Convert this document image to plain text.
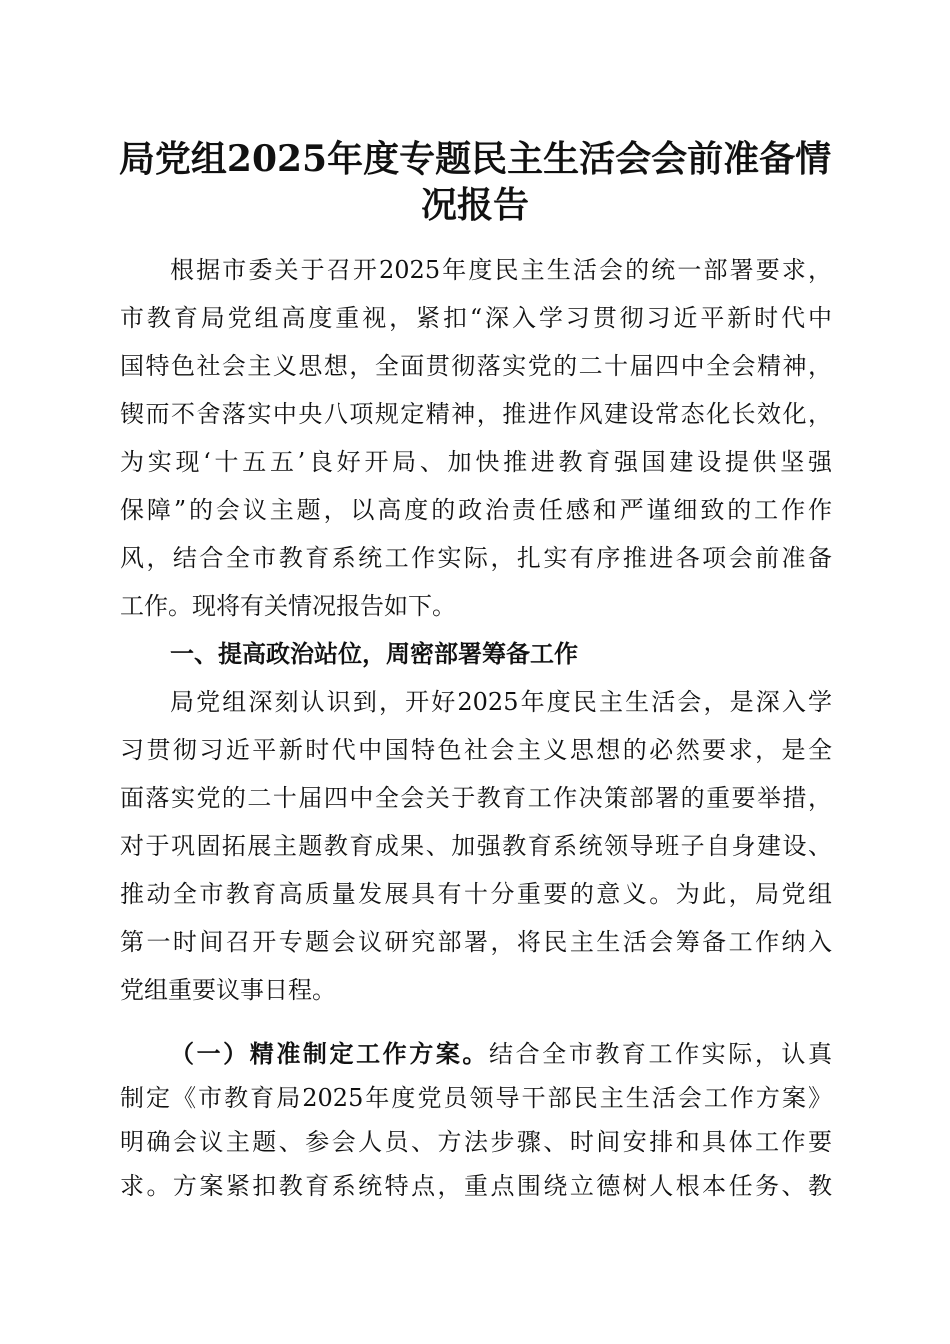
局党组2025年度专题民主生活会会前准备情
况报告
根据市委关于召开2025年度民主生活会的统一部署要求，
市教育局党组高度重视，紧扣“深入学习贯彻习近平新时代中
国特色社会主义思想，全面贯彻落实党的二十届四中全会精神，
锲而不舍落实中央八项规定精神，推进作风建设常态化长效化，
为实现‘十五五’良好开局、加快推进教育强国建设提供坚强
保障”的会议主题，以高度的政治责任感和严谨细致的工作作
风，结合全市教育系统工作实际，扎实有序推进各项会前准备
工作。现将有关情况报告如下。
一、提高政治站位，周密部署筹备工作
局党组深刻认识到，开好2025年度民主生活会，是深入学
习贯彻习近平新时代中国特色社会主义思想的必然要求，是全
面落实党的二十届四中全会关于教育工作决策部署的重要举措，
对于巩固拓展主题教育成果、加强教育系统领导班子自身建设、
推动全市教育高质量发展具有十分重要的意义。为此，局党组
第一时间召开专题会议研究部署，将民主生活会筹备工作纳入
党组重要议事日程。
（一）精准制定工作方案。结合全市教育工作实际，认真
制定《市教育局2025年度党员领导干部民主生活会工作方案》
明确会议主题、参会人员、方法步骤、时间安排和具体工作要
求。方案紧扣教育系统特点，重点围绕立德树人根本任务、教
